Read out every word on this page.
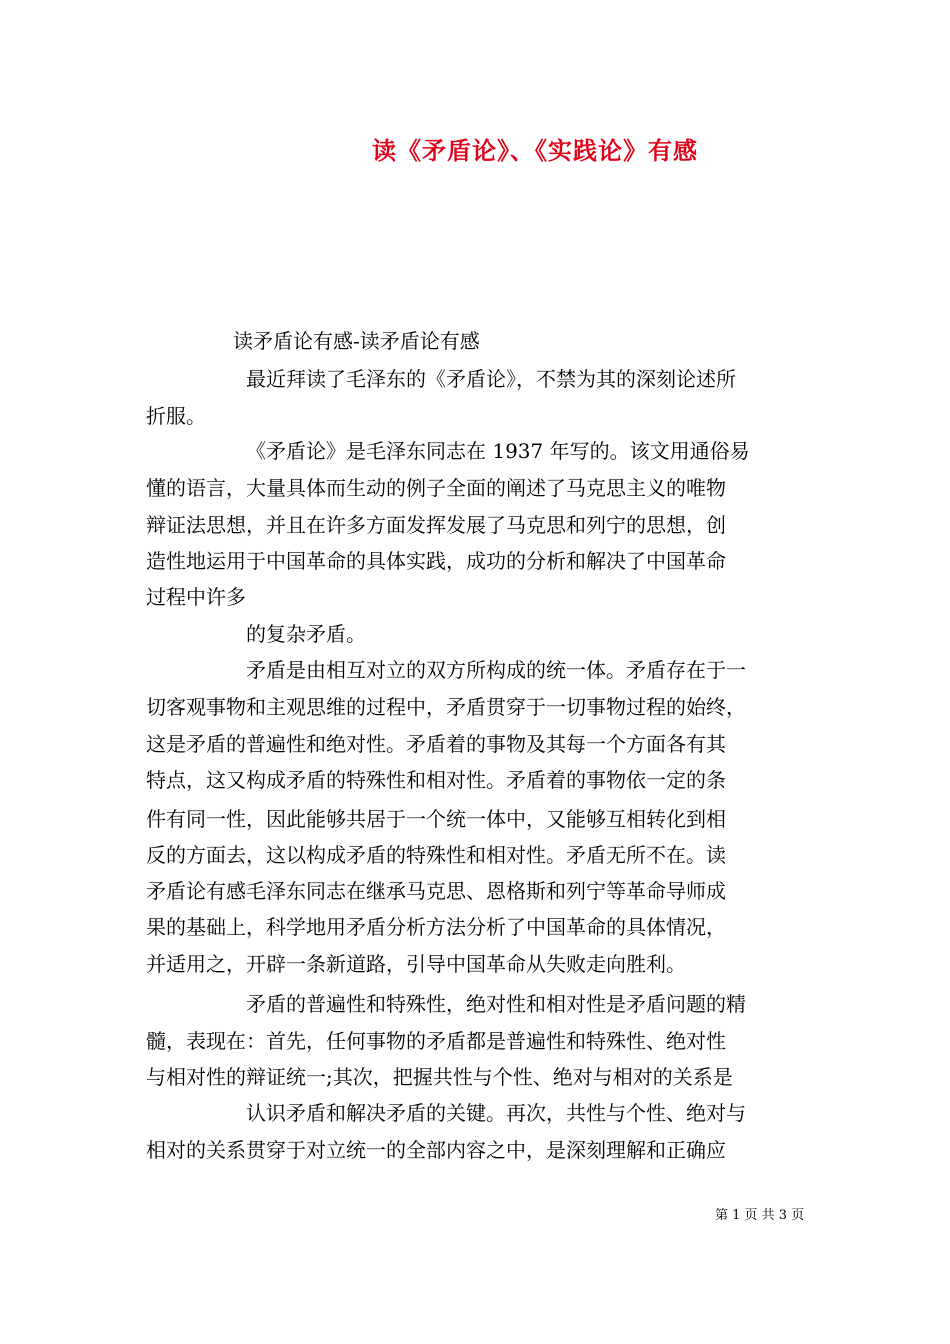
读《矛盾论》、《实践论》有感
读矛盾论有感-读矛盾论有感
最近拜读了毛泽东的《矛盾论》，不禁为其的深刻论述所
折服。
《矛盾论》是毛泽东同志在 1937 年写的。该文用通俗易
懂的语言，大量具体而生动的例子全面的阐述了马克思主义的唯物
辩证法思想，并且在许多方面发挥发展了马克思和列宁的思想，创
造性地运用于中国革命的具体实践，成功的分析和解决了中国革命
过程中许多
的复杂矛盾。
矛盾是由相互对立的双方所构成的统一体。矛盾存在于一
切客观事物和主观思维的过程中，矛盾贯穿于一切事物过程的始终，
这是矛盾的普遍性和绝对性。矛盾着的事物及其每一个方面各有其
特点，这又构成矛盾的特殊性和相对性。矛盾着的事物依一定的条
件有同一性，因此能够共居于一个统一体中，又能够互相转化到相
反的方面去，这以构成矛盾的特殊性和相对性。矛盾无所不在。读
矛盾论有感毛泽东同志在继承马克思、恩格斯和列宁等革命导师成
果的基础上，科学地用矛盾分析方法分析了中国革命的具体情况，
并适用之，开辟一条新道路，引导中国革命从失败走向胜利。
矛盾的普遍性和特殊性，绝对性和相对性是矛盾问题的精
髓，表现在：首先，任何事物的矛盾都是普遍性和特殊性、绝对性
与相对性的辩证统一;其次，把握共性与个性、绝对与相对的关系是
认识矛盾和解决矛盾的关键。再次，共性与个性、绝对与
相对的关系贯穿于对立统一的全部内容之中，是深刻理解和正确应
第 1 页 共 3 页
